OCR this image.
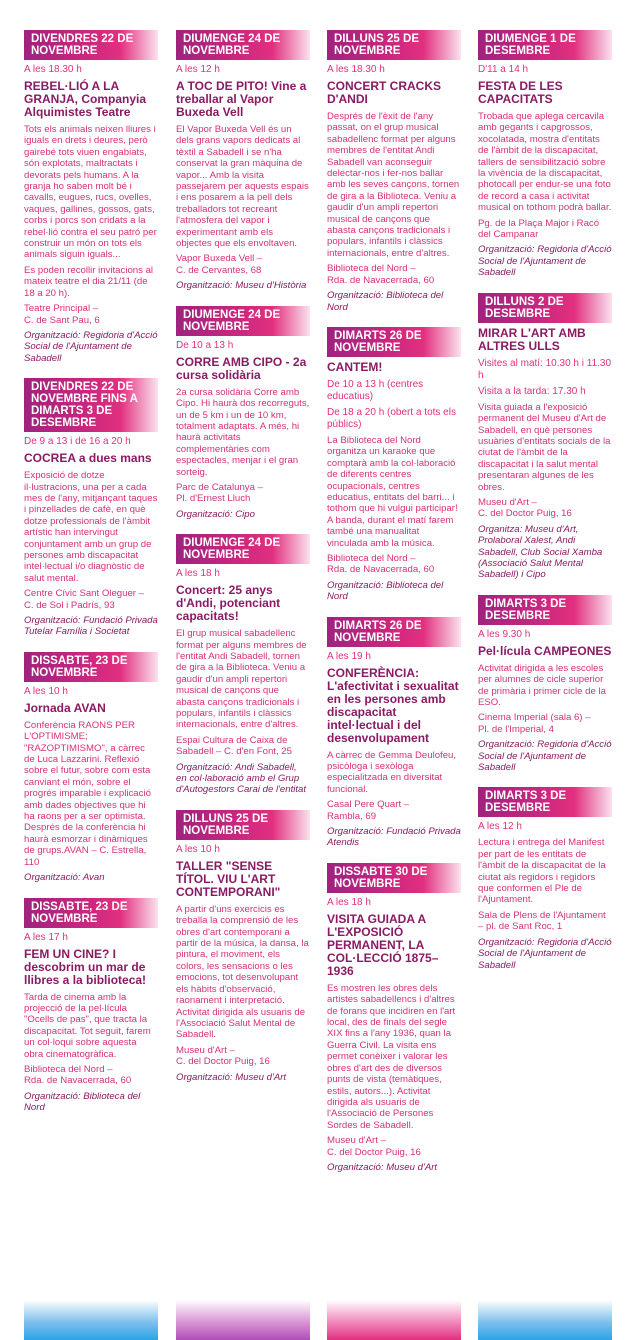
DIVENDRES 22 DE NOVEMBRE
A les 18.30 h
REBEL·LIÓ A LA GRANJA, Companyia Alquimistes Teatre
Tots els animals neixen lliures i iguals en drets i deures, però gairebé tots viuen engabiats, són explotats, maltractats i devorats pels humans. A la granja ho saben molt bé i cavalls, eugues, rucs, ovelles, vaques, gallines, gossos, gats, corbs i porcs son cridats a la rebel·lió contra el seu patró per construir un món on tots els animals siguin iguals...
Es poden recollir invitacions al mateix teatre el dia 21/11 (de 18 a 20 h).
Teatre Principal –
C. de Sant Pau, 6
Organització: Regidoria d'Acció Social de l'Ajuntament de Sabadell
DIVENDRES 22 DE NOVEMBRE FINS A DIMARTS 3 DE DESEMBRE
De 9 a 13 i de 16 a 20 h
COCREA a dues mans
Exposició de dotze il·lustracions, una per a cada mes de l'any, mitjançant taques i pinzellades de cafè, en què dotze professionals de l'àmbit artístic han intervingut conjuntament amb un grup de persones amb discapacitat intel·lectual i/o diagnòstic de salut mental.
Centre Cívic Sant Oleguer –
C. de Sol i Padrís, 93
Organització: Fundació Privada Tutelar Família i Societat
DISSABTE, 23 DE NOVEMBRE
A les 10 h
Jornada AVAN
Conferència RAONS PER L'OPTIMISME; "RAZOPTIMISMO", a càrrec de Luca Lazzarini. Reflexió sobre el futur, sobre com esta canviant el món, sobre el progrés imparable i explicació amb dades objectives que hi ha raons per a ser optimista. Després de la conferència hi haurà esmorzar i dinàmiques de grups.AVAN – C. Estrella, 110
Organització: Avan
DISSABTE, 23 DE NOVEMBRE
A les 17 h
FEM UN CINE? I descobrim un mar de llibres a la biblioteca!
Tarda de cinema amb la projecció de la pel·lícula "Ocells de pas", que tracta la discapacitat. Tot seguit, farem un col·loqui sobre aquesta obra cinematogràfica.
Biblioteca del Nord –
Rda. de Navacerrada, 60
Organització: Biblioteca del Nord
DIUMENGE 24 DE NOVEMBRE
A les 12 h
A TOC DE PITO! Vine a treballar al Vapor Buxeda Vell
El Vapor Buxeda Vell és un dels grans vapors dedicats al tèxtil a Sabadell i se n'ha conservat la gran màquina de vapor... Amb la visita passejarem per aquests espais i ens posarem a la pell dels treballadors tot recreant l'atmosfera del vapor i experimentant amb els objectes que els envoltaven.
Vapor Buxeda Vell –
C. de Cervantes, 68
Organització: Museu d'Història
DIUMENGE 24 DE NOVEMBRE
De 10 a 13 h
CORRE AMB CIPO - 2a cursa solidària
2a cursa solidària Corre amb Cipo. Hi haurà dos recorreguts, un de 5 km i un de 10 km, totalment adaptats. A més, hi haurà activitats complementàries com espectacles, menjar i el gran sorteig.
Parc de Catalunya –
Pl. d'Ernest Lluch
Organització: Cipo
DIUMENGE 24 DE NOVEMBRE
A les 18 h
Concert: 25 anys d'Andi, potenciant capacitats!
El grup musical sabadellenc format per alguns membres de l'entitat Andi Sabadell, tornen de gira a la Biblioteca. Veniu a gaudir d'un ampli repertori musical de cançons que abasta cançons tradicionals i populars, infantils i clàssics internacionals, entre d'altres.
Espai Cultura de Caixa de
Sabadell – C. d'en Font, 25
Organització: Andi Sabadell, en col·laboració amb el Grup d'Autogestors Carai de l'entitat
DILLUNS 25 DE NOVEMBRE
A les 10 h
TALLER "SENSE TÍTOL. VIU L'ART CONTEMPORANI"
A partir d'uns exercicis es treballa la comprensió de les obres d'art contemporani a partir de la música, la dansa, la pintura, el moviment, els colors, les sensacions o les emocions, tot desenvolupant els hàbits d'observació, raonament i interpretació. Activitat dirigida als usuaris de l'Associació Salut Mental de Sabadell.
Museu d'Art –
C. del Doctor Puig, 16
Organització: Museu d'Art
DILLUNS 25 DE NOVEMBRE
A les 18.30 h
CONCERT CRACKS D'ANDI
Després de l'èxit de l'any passat, on el grup musical sabadellenc format per alguns membres de l'entitat Andi Sabadell van aconseguir delectar-nos i fer-nos ballar amb les seves cançons, tornen de gira a la Biblioteca. Veniu a gaudir d'un ampli repertori musical de cançons que abasta cançons tradicionals i populars, infantils i clàssics internacionals, entre d'altres.
Biblioteca del Nord –
Rda. de Navacerrada, 60
Organització: Biblioteca del Nord
DIMARTS 26 DE NOVEMBRE
CANTEM!
De 10 a 13 h (centres educatius)
De 18 a 20 h (obert a tots els públics)
La Biblioteca del Nord organitza un karaoke que comptarà amb la col·laboració de diferents centres ocupacionals, centres educatius, entitats del barri... i tothom que hi vulgui participar! A banda, durant el matí farem també una manualitat vinculada amb la música.
Biblioteca del Nord –
Rda. de Navacerrada, 60
Organització: Biblioteca del Nord
DIMARTS 26 DE NOVEMBRE
A les 19 h
CONFERÈNCIA: L'afectivitat i sexualitat en les persones amb discapacitat intel·lectual i del desenvolupament
A càrrec de Gemma Deulofeu, psicòloga i sexòloga especialitzada en diversitat funcional.
Casal Pere Quart –
Rambla, 69
Organització: Fundació Privada Atendis
DISSABTE 30 DE NOVEMBRE
A les 18 h
VISITA GUIADA A L'EXPOSICIÓ PERMANENT, LA COL·LECCIÓ 1875–1936
Es mostren les obres dels artistes sabadellencs i d'altres de forans que incidiren en l'art local, des de finals del segle XIX fins a l'any 1936, quan la Guerra Civil. La visita ens permet conèixer i valorar les obres d'art des de diversos punts de vista (temàtiques, estils, autors...). Activitat dirigida als usuaris de l'Associació de Persones Sordes de Sabadell.
Museu d'Art –
C. del Doctor Puig, 16
Organització: Museu d'Art
DIUMENGE 1 DE DESEMBRE
D'11 a 14 h
FESTA DE LES CAPACITATS
Trobada que aplega cercavila amb gegants i capgrossos, xocolatada, mostra d'entitats de l'àmbit de la discapacitat, tallers de sensibilització sobre la vivència de la discapacitat, photocall per endur-se una foto de record a casa i activitat musical on tothom podrà ballar.
Pg. de la Plaça Major i Racó
del Campanar
Organització: Regidoria d'Acció Social de l'Ajuntament de Sabadell
DILLUNS 2 DE DESEMBRE
MIRAR L'ART AMB ALTRES ULLS
Visites al matí: 10.30 h i 11.30 h
Visita a la tarda: 17.30 h
Visita guiada a l'exposició permanent del Museu d'Art de Sabadell, en què persones usuàries d'entitats socials de la ciutat de l'àmbit de la discapacitat i la salut mental presentaran algunes de les obres.
Museu d'Art –
C. del Doctor Puig, 16
Organitza: Museu d'Art, Prolaboral Xalest, Andi Sabadell, Club Social Xamba (Associació Salut Mental Sabadell) i Cipo
DIMARTS 3 DE DESEMBRE
A les 9.30 h
Pel·lícula CAMPEONES
Activitat dirigida a les escoles per alumnes de cicle superior de primària i primer cicle de la ESO.
Cinema Imperial (sala 6) –
Pl. de l'Imperial, 4
Organització: Regidoria d'Acció Social de l'Ajuntament de Sabadell
DIMARTS 3 DE DESEMBRE
A les 12 h
Lectura i entrega del Manifest per part de les entitats de l'àmbit de la discapacitat de la ciutat als regidors i regidors que conformen el Ple de l'Ajuntament.
Sala de Plens de l'Ajuntament
– pl. de Sant Roc, 1
Organització: Regidoria d'Acció Social de l'Ajuntament de Sabadell
